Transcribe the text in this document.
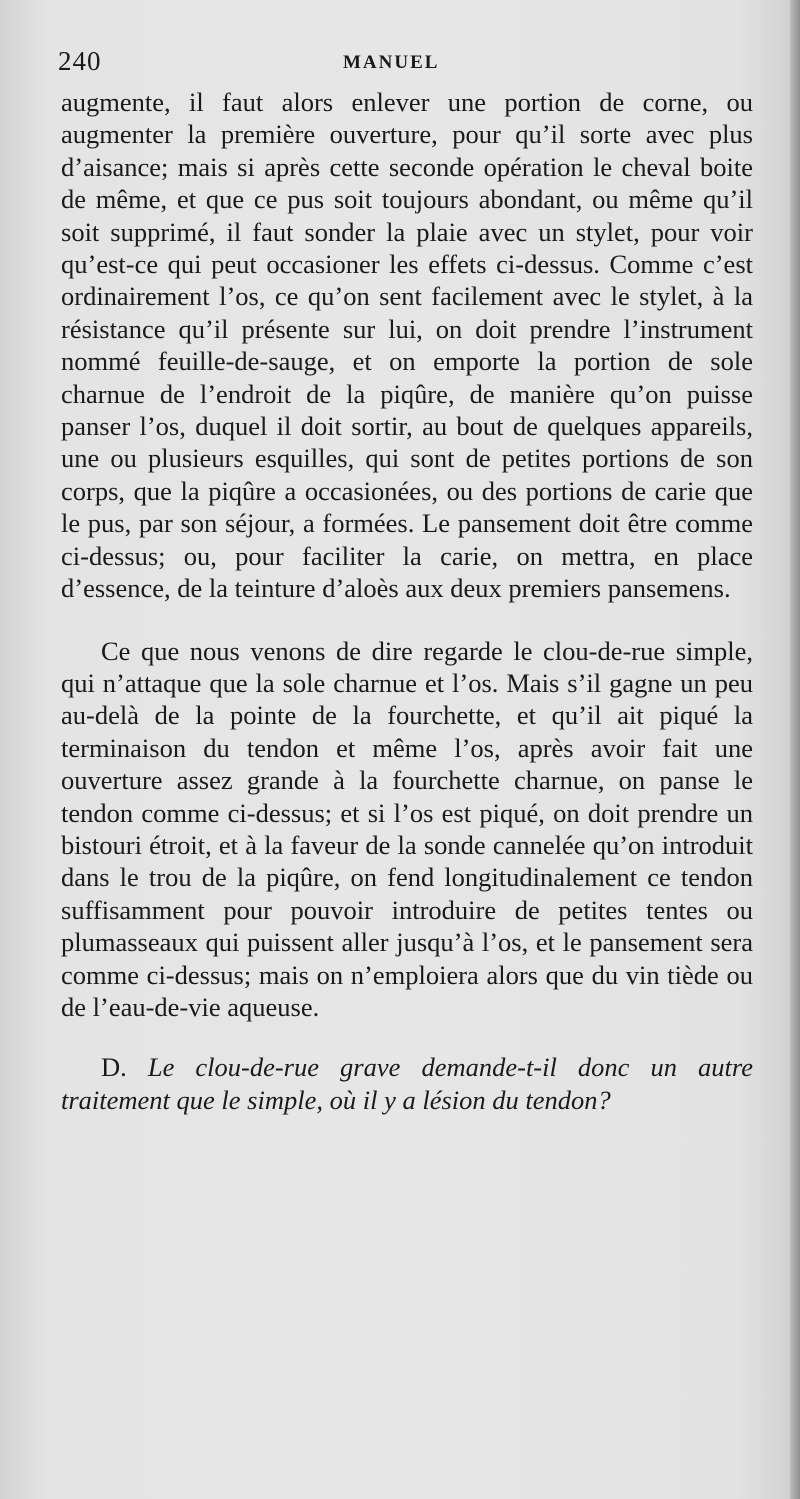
240	MANUEL

augmente, il faut alors enlever une portion de corne, ou augmenter la première ouverture, pour qu’il sorte avec plus d’aisance; mais si après cette seconde opération le cheval boite de même, et que ce pus soit toujours abondant, ou même qu’il soit supprimé, il faut sonder la plaie avec un stylet, pour voir qu’est-ce qui peut occasioner les effets ci-dessus. Comme c’est ordinairement l’os, ce qu’on sent facilement avec le stylet, à la résistance qu’il présente sur lui, on doit prendre l’instrument nommé feuille-de-sauge, et on emporte la portion de sole charnue de l’endroit de la piqûre, de manière qu’on puisse panser l’os, duquel il doit sortir, au bout de quelques appareils, une ou plusieurs esquilles, qui sont de petites portions de son corps, que la piqûre a occasionées, ou des portions de carie que le pus, par son séjour, a formées. Le pansement doit être comme ci-dessus; ou, pour faciliter la carie, on mettra, en place d’essence, de la teinture d’aloès aux deux premiers pansemens.

Ce que nous venons de dire regarde le clou-de-rue simple, qui n’attaque que la sole charnue et l’os. Mais s’il gagne un peu au-delà de la pointe de la fourchette, et qu’il ait piqué la terminaison du tendon et même l’os, après avoir fait une ouverture assez grande à la fourchette charnue, on panse le tendon comme ci-dessus; et si l’os est piqué, on doit prendre un bistouri étroit, et à la faveur de la sonde cannelée qu’on introduit dans le trou de la piqûre, on fend longitudinalement ce tendon suffisamment pour pouvoir introduire de petites tentes ou plumasseaux qui puissent aller jusqu’à l’os, et le pansement sera comme ci-dessus; mais on n’emploiera alors que du vin tiède ou de l’eau-de-vie aqueuse.

D. Le clou-de-rue grave demande-t-il donc un autre traitement que le simple, où il y a lésion du tendon?
